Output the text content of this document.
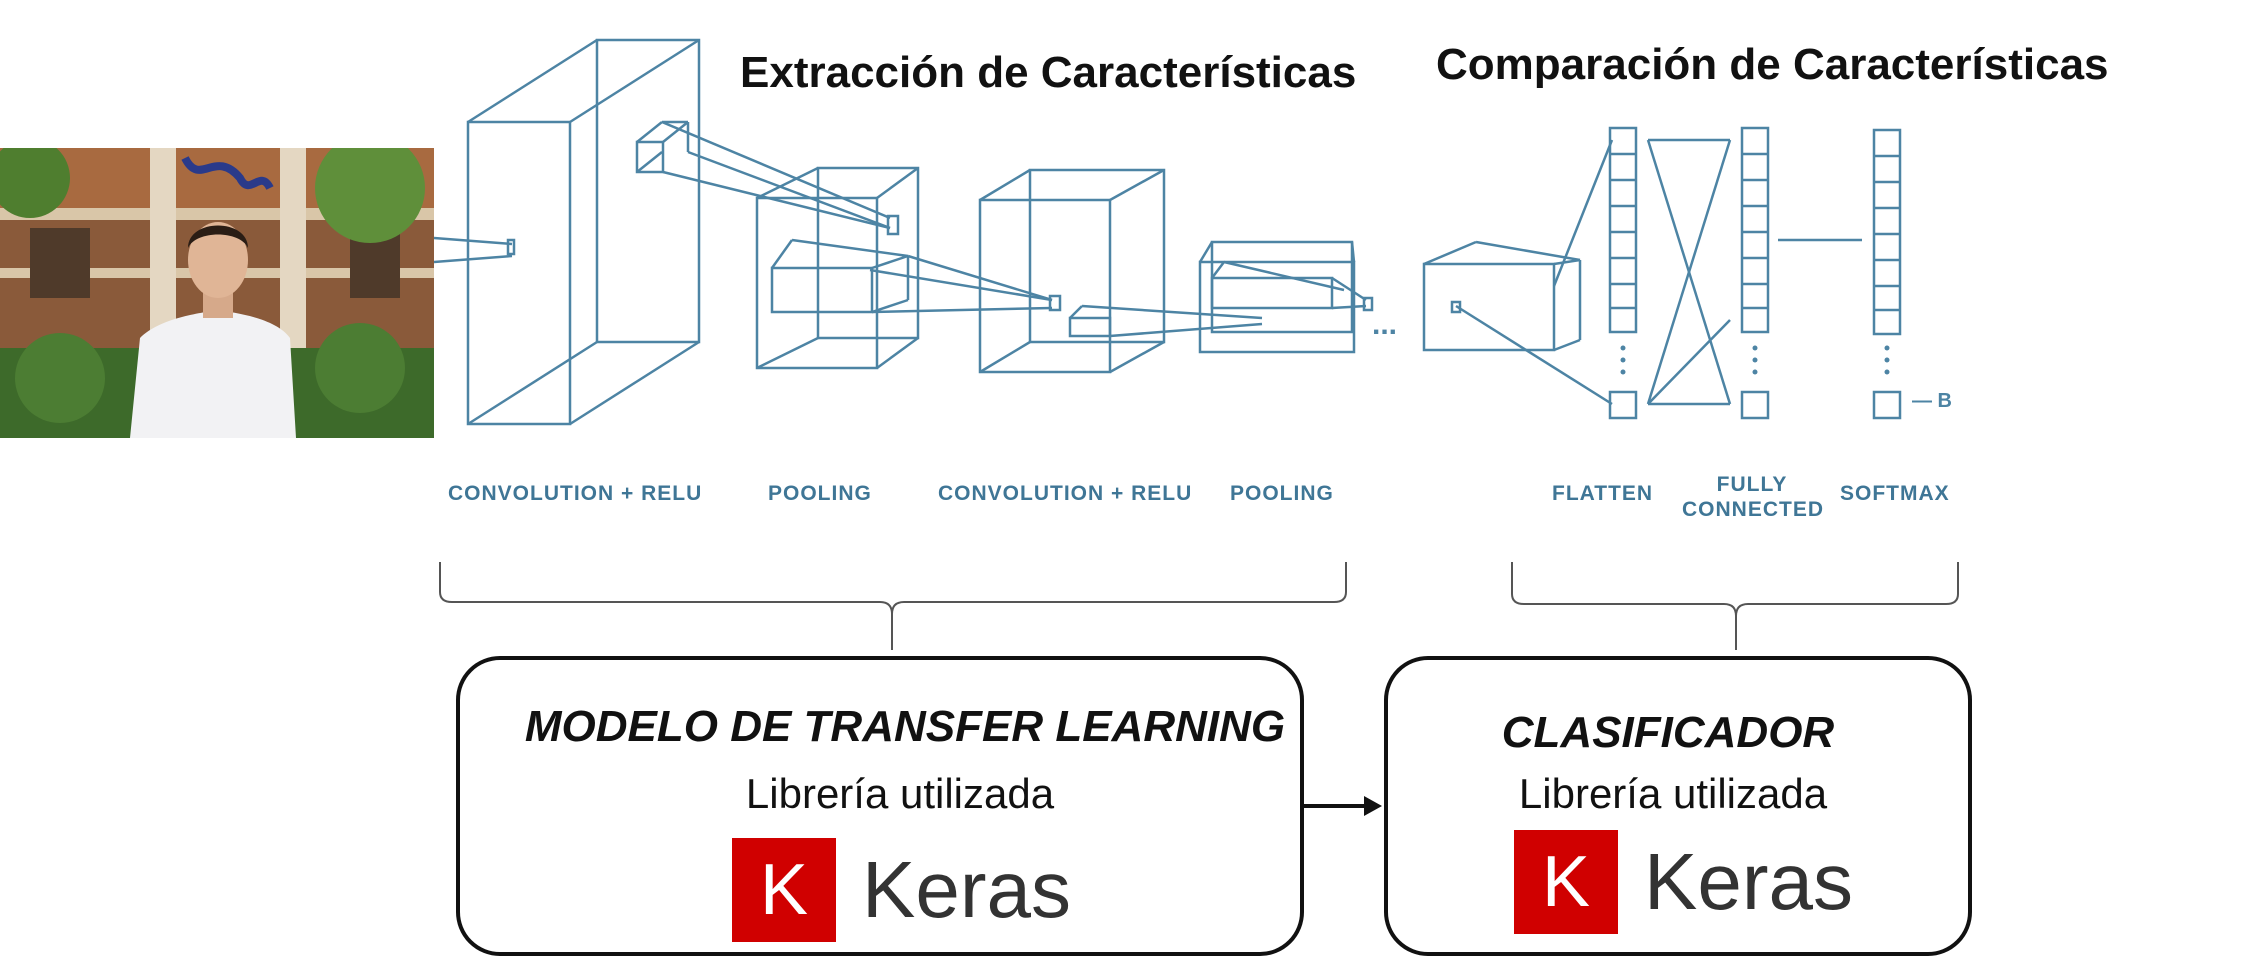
Extracción de Características Comparación de Características
...
— B
CONVOLUTION + RELU	POOLING	CONVOLUTION + RELU POOLING	FLATTEN	FULLY CONNECTED
SOFTMAX
MODELO DE TRANSFER LEARNING
Librería utilizada
K Keras
CLASIFICADOR
Librería utilizada
K Keras
